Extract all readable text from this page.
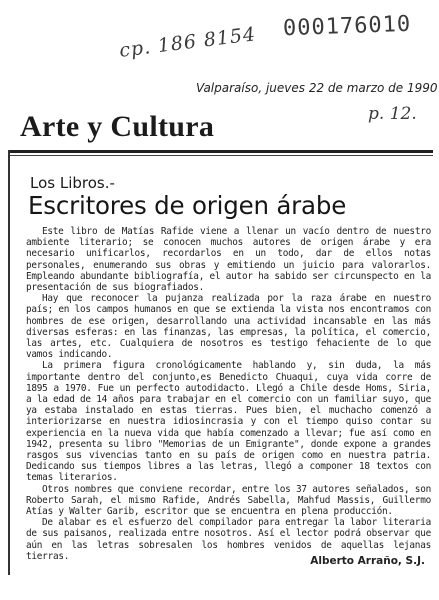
cp. 186 8154 000176010
p. 12.
Valparaíso, jueves 22 de marzo de 1990
Arte y Cultura
Los Libros.-
Escritores de origen árabe

Este libro de Matías Rafide viene a llenar un vacío dentro de nuestro ambiente literario; se conocen muchos autores de origen árabe y era necesario unificarlos, recordarlos en un todo, dar de ellos notas personales, enumerando sus obras y emitiendo un juicio para valorarlos. Empleando abundante bibliografía, el autor ha sabido ser circunspecto en la presentación de sus biografiados.

Hay que reconocer la pujanza realizada por la raza árabe en nuestro país; en los campos humanos en que se extienda la vista nos encontramos con hombres de ese origen, desarrollando una actividad incansable en las más diversas esferas: en las finanzas, las empresas, la política, el comercio, las artes, etc. Cualquiera de nosotros es testigo fehaciente de lo que vamos indicando.

La primera figura cronológicamente hablando y, sin duda, la más importante dentro del conjunto,es Benedicto Chuaqui, cuya vida corre de 1895 a 1970. Fue un perfecto autodidacto. Llegó a Chile desde Homs, Siria, a la edad de 14 años para trabajar en el comercio con un familiar suyo, que ya estaba instalado en estas tierras. Pues bien, el muchacho comenzó a interiorizarse en nuestra idiosincrasia y con el tiempo quiso contar su experiencia en la nueva vida que había comenzado a llevar; fue así como en 1942, presenta su libro "Memorias de un Emigrante", donde expone a grandes rasgos sus vivencias tanto en su país de origen como en nuestra patria. Dedicando sus tiempos libres a las letras, llegó a componer 18 textos con temas literarios.

Otros nombres que conviene recordar, entre los 37 autores señalados, son Roberto Sarah, el mismo Rafide, Andrés Sabella, Mahfud Massis, Guillermo Atías y Walter Garib, escritor que se encuentra en plena producción.

De alabar es el esfuerzo del compilador para entregar la labor literaria de sus paisanos, realizada entre nosotros. Así el lector podrá observar que aún en las letras sobresalen los hombres venidos de aquellas lejanas tierras.	Alberto Arraño, S.J.
